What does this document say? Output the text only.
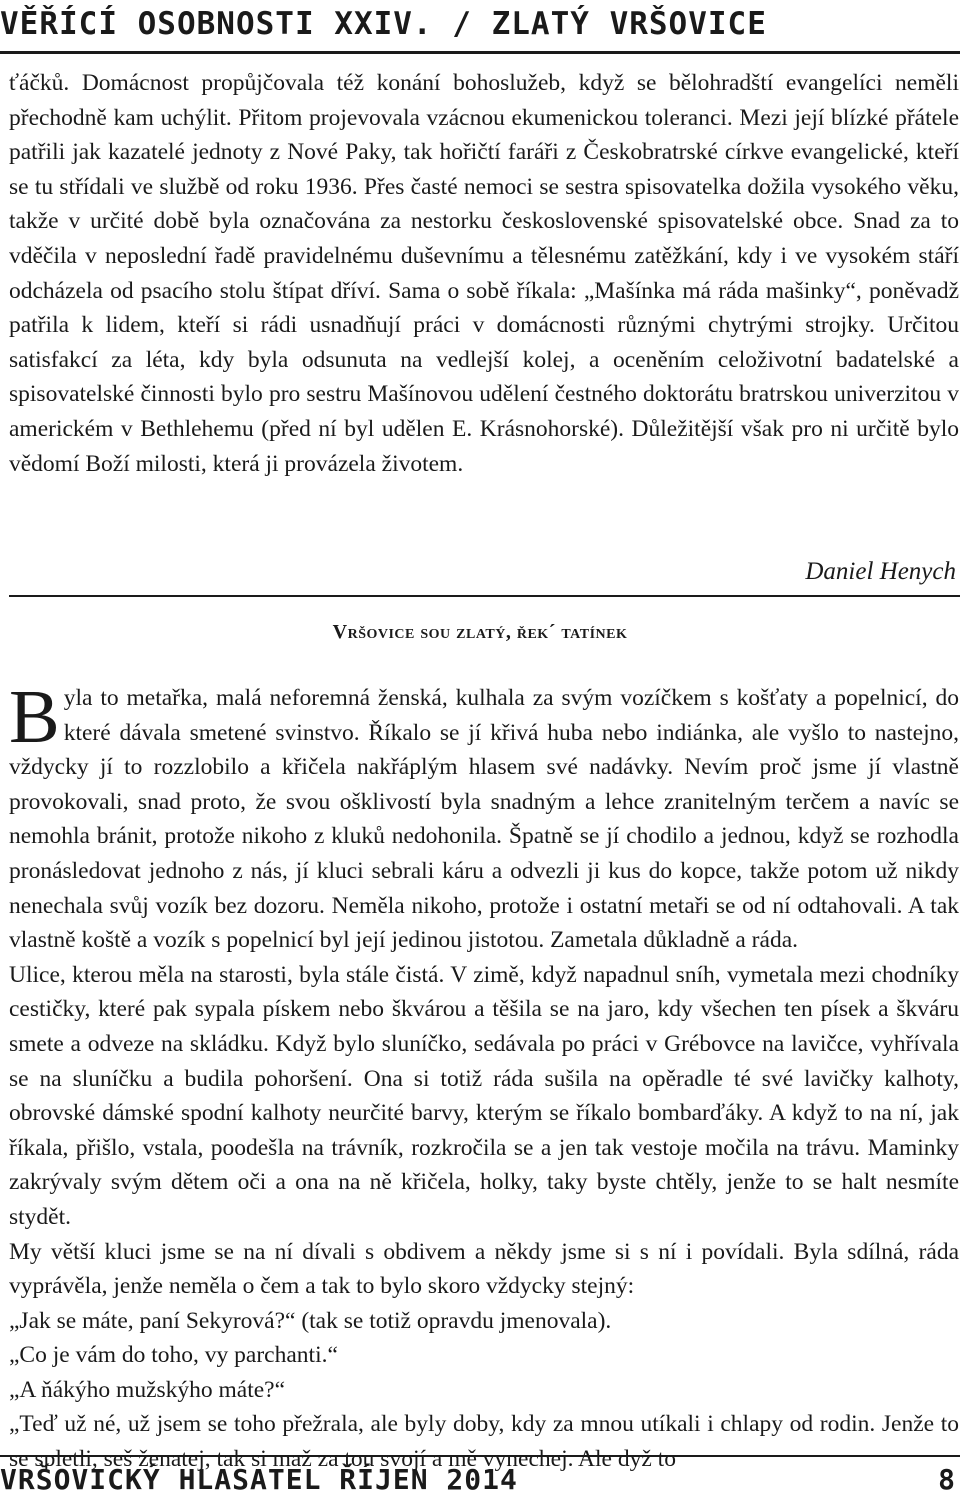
VĚŘÍCÍ OSOBNOSTI XXIV. / ZLATÝ VRŠOVICE

ťáčků. Domácnost propůjčovala též konání bohoslužeb, když se bělohradští evangelíci neměli přechodně kam uchýlit. Přitom projevovala vzácnou ekumenickou toleranci. Mezi její blízké přátele patřili jak kazatelé jednoty z Nové Paky, tak hořičtí faráři z Českobratrské církve evangelické, kteří se tu střídali ve službě od roku 1936. Přes časté nemoci se sestra spisovatelka dožila vysokého věku, takže v určité době byla označována za nestorku československé spisovatelské obce. Snad za to vděčila v neposlední řadě pravidelnému duševnímu a tělesnému zatěžkání, kdy i ve vysokém stáří odcházela od psacího stolu štípat dříví. Sama o sobě říkala: „Mašínka má ráda mašinky“, poněvadž patřila k lidem, kteří si rádi usnadňují práci v domácnosti různými chytrými strojky. Určitou satisfakcí za léta, kdy byla odsunuta na vedlejší kolej, a oceněním celoživotní badatelské a spisovatelské činnosti bylo pro sestru Mašínovou udělení čestného doktorátu bratrskou univerzitou v americkém v Bethlehemu (před ní byl udělen E. Krásnohorské). Důležitější však pro ni určitě bylo vědomí Boží milosti, která ji provázela životem.

Daniel Henych
Vršovice sou zlatý, řek´ tatínek

Byla to metařka, malá neforemná ženská, kulhala za svým vozíčkem s košťaty a popelnicí, do které dávala smetené svinstvo. Říkalo se jí křivá huba nebo indiánka, ale vyšlo to nastejno, vždycky jí to rozzlobilo a křičela nakřáplým hlasem své nadávky. Nevím proč jsme jí vlastně provokovali, snad proto, že svou ošklivostí byla snadným a lehce zranitelným terčem a navíc se nemohla bránit, protože nikoho z kluků nedohonila. Špatně se jí chodilo a jednou, když se rozhodla pronásledovat jednoho z nás, jí kluci sebrali káru a odvezli ji kus do kopce, takže potom už nikdy nenechala svůj vozík bez dozoru. Neměla nikoho, protože i ostatní metaři se od ní odtahovali. A tak vlastně koště a vozík s popelnicí byl její jedinou jistotou. Zametala důkladně a ráda.

Ulice, kterou měla na starosti, byla stále čistá. V zimě, když napadnul sníh, vymetala mezi chodníky cestičky, které pak sypala pískem nebo škvárou a těšila se na jaro, kdy všechen ten písek a škváru smete a odveze na skládku. Když bylo sluníčko, sedávala po práci v Grébovce na lavičce, vyhřívala se na sluníčku a budila pohoršení. Ona si totiž ráda sušila na opěradle té své lavičky kalhoty, obrovské dámské spodní kalhoty neurčité barvy, kterým se říkalo bombarďáky. A když to na ní, jak říkala, přišlo, vstala, poodešla na trávník, rozkročila se a jen tak vestoje močila na trávu. Maminky zakrývaly svým dětem oči a ona na ně křičela, holky, taky byste chtěly, jenže to se halt nesmíte stydět.

My větší kluci jsme se na ní dívali s obdivem a někdy jsme si s ní i povídali. Byla sdílná, ráda vyprávěla, jenže neměla o čem a tak to bylo skoro vždycky stejný:

„Jak se máte, paní Sekyrová?“ (tak se totiž opravdu jmenovala).

„Co je vám do toho, vy parchanti.“

„A ňákýho mužskýho máte?“

„Teď už né, už jsem se toho přežrala, ale byly doby, kdy za mnou utíkali i chlapy od rodin. Jenže to se spletli, seš ženatej, tak si maž za tou svojí a mě vynechej. Ale dyž to

VRŠOVICKÝ HLASATEL ŘÍJEN 2014	8
